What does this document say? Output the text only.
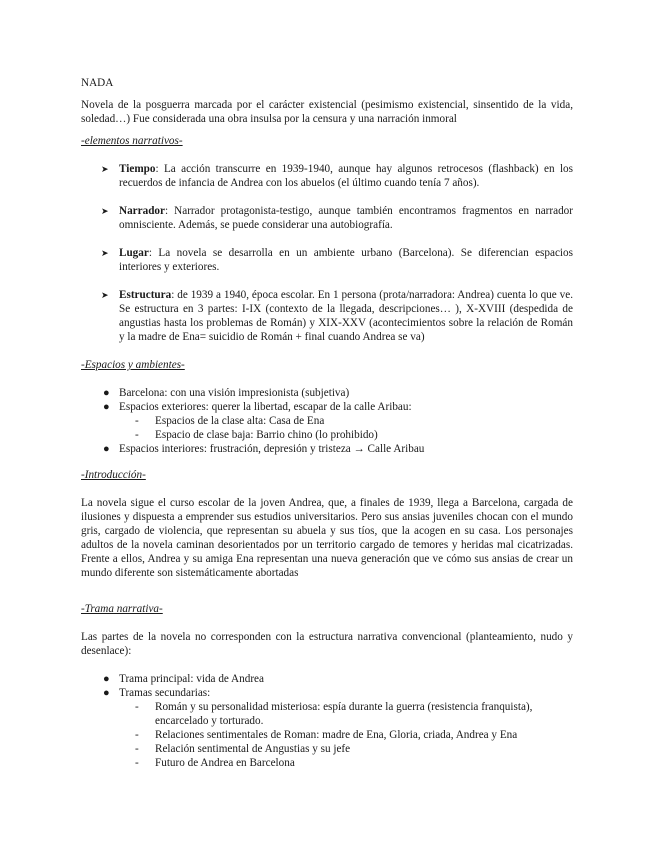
NADA

Novela de la posguerra marcada por el carácter existencial (pesimismo existencial, sinsentido de la vida, soledad…) Fue considerada una obra insulsa por la censura y una narración inmoral

-elementos narrativos-

➤ Tiempo: La acción transcurre en 1939-1940, aunque hay algunos retrocesos (flashback) en los recuerdos de infancia de Andrea con los abuelos (el último cuando tenía 7 años).
➤ Narrador: Narrador protagonista-testigo, aunque también encontramos fragmentos en narrador omnisciente. Además, se puede considerar una autobiografía.
➤ Lugar: La novela se desarrolla en un ambiente urbano (Barcelona). Se diferencian espacios interiores y exteriores.
➤ Estructura: de 1939 a 1940, época escolar. En 1 persona (prota/narradora: Andrea) cuenta lo que ve. Se estructura en 3 partes: I-IX (contexto de la llegada, descripciones… ), X-XVIII (despedida de angustias hasta los problemas de Román) y XIX-XXV (acontecimientos sobre la relación de Román y la madre de Ena= suicidio de Román + final cuando Andrea se va)

-Espacios y ambientes-

● Barcelona: con una visión impresionista (subjetiva)
● Espacios exteriores: querer la libertad, escapar de la calle Aribau:
- Espacios de la clase alta: Casa de Ena
- Espacio de clase baja: Barrio chino (lo prohibido)
● Espacios interiores: frustración, depresión y tristeza → Calle Aribau

-Introducción-

La novela sigue el curso escolar de la joven Andrea, que, a finales de 1939, llega a Barcelona, cargada de ilusiones y dispuesta a emprender sus estudios universitarios. Pero sus ansias juveniles chocan con el mundo gris, cargado de violencia, que representan su abuela y sus tíos, que la acogen en su casa. Los personajes adultos de la novela caminan desorientados por un territorio cargado de temores y heridas mal cicatrizadas. Frente a ellos, Andrea y su amiga Ena representan una nueva generación que ve cómo sus ansias de crear un mundo diferente son sistemáticamente abortadas

-Trama narrativa-

Las partes de la novela no corresponden con la estructura narrativa convencional (planteamiento, nudo y desenlace):

● Trama principal: vida de Andrea
● Tramas secundarias:
- Román y su personalidad misteriosa: espía durante la guerra (resistencia franquista), encarcelado y torturado.
- Relaciones sentimentales de Roman: madre de Ena, Gloria, criada, Andrea y Ena
- Relación sentimental de Angustias y su jefe
- Futuro de Andrea en Barcelona
